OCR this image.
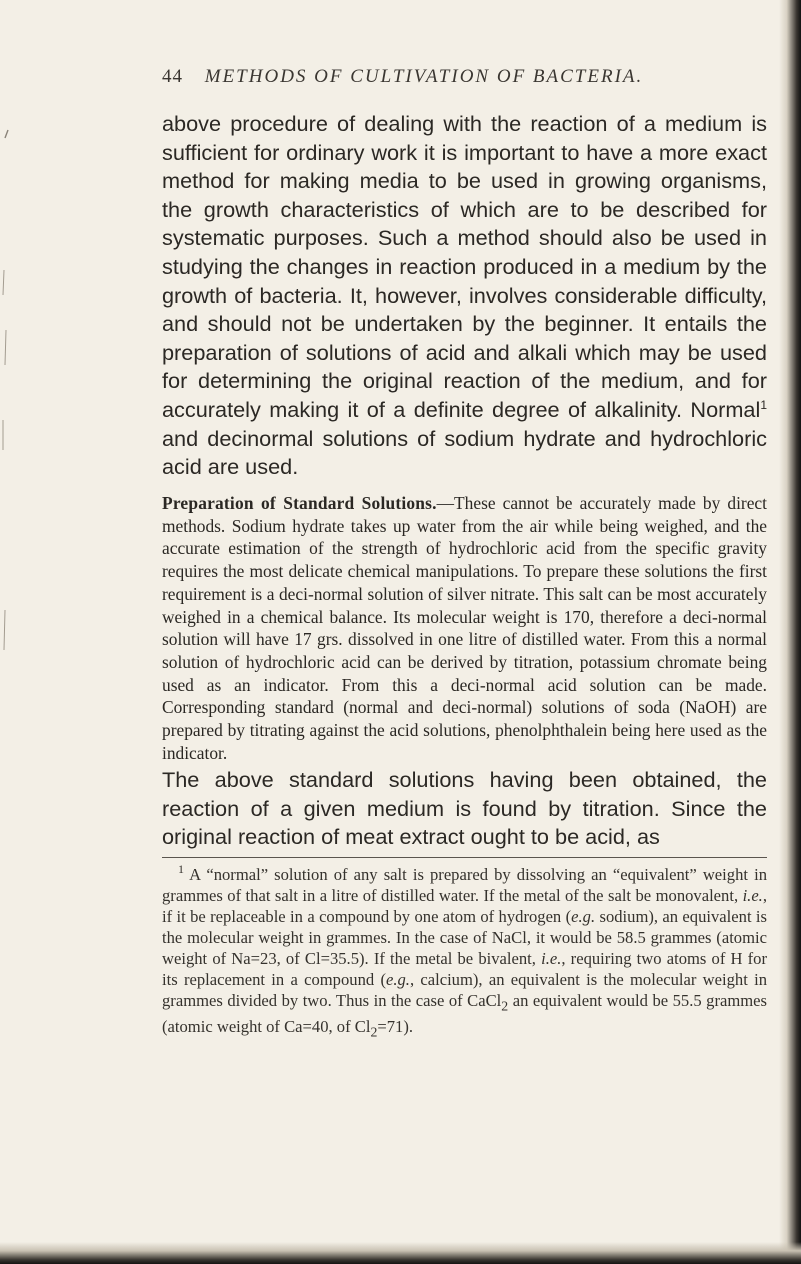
44 METHODS OF CULTIVATION OF BACTERIA.
above procedure of dealing with the reaction of a medium is sufficient for ordinary work it is important to have a more exact method for making media to be used in growing organisms, the growth characteristics of which are to be described for systematic purposes. Such a method should also be used in studying the changes in reaction produced in a medium by the growth of bacteria. It, however, involves considerable difficulty, and should not be undertaken by the beginner. It entails the preparation of solutions of acid and alkali which may be used for determining the original reaction of the medium, and for accurately making it of a definite degree of alkalinity. Normal$^1$ and decinormal solutions of sodium hydrate and hydrochloric acid are used.
Preparation of Standard Solutions.—These cannot be accurately made by direct methods. Sodium hydrate takes up water from the air while being weighed, and the accurate estimation of the strength of hydrochloric acid from the specific gravity requires the most delicate chemical manipulations. To prepare these solutions the first requirement is a deci-normal solution of silver nitrate. This salt can be most accurately weighed in a chemical balance. Its molecular weight is 170, therefore a deci-normal solution will have 17 grs. dissolved in one litre of distilled water. From this a normal solution of hydrochloric acid can be derived by titration, potassium chromate being used as an indicator. From this a deci-normal acid solution can be made. Corresponding standard (normal and deci-normal) solutions of soda (NaOH) are prepared by titrating against the acid solutions, phenolphthalein being here used as the indicator.
The above standard solutions having been obtained, the reaction of a given medium is found by titration. Since the original reaction of meat extract ought to be acid, as
$^1$ A “normal” solution of any salt is prepared by dissolving an “equivalent” weight in grammes of that salt in a litre of distilled water. If the metal of the salt be monovalent, i.e., if it be replaceable in a compound by one atom of hydrogen (e.g. sodium), an equivalent is the molecular weight in grammes. In the case of NaCl, it would be 58.5 grammes (atomic weight of Na=23, of Cl=35.5). If the metal be bivalent, i.e., requiring two atoms of H for its replacement in a compound (e.g., calcium), an equivalent is the molecular weight in grammes divided by two. Thus in the case of CaCl$_2$ an equivalent would be 55.5 grammes (atomic weight of Ca=40, of $Cl_2=71$).
